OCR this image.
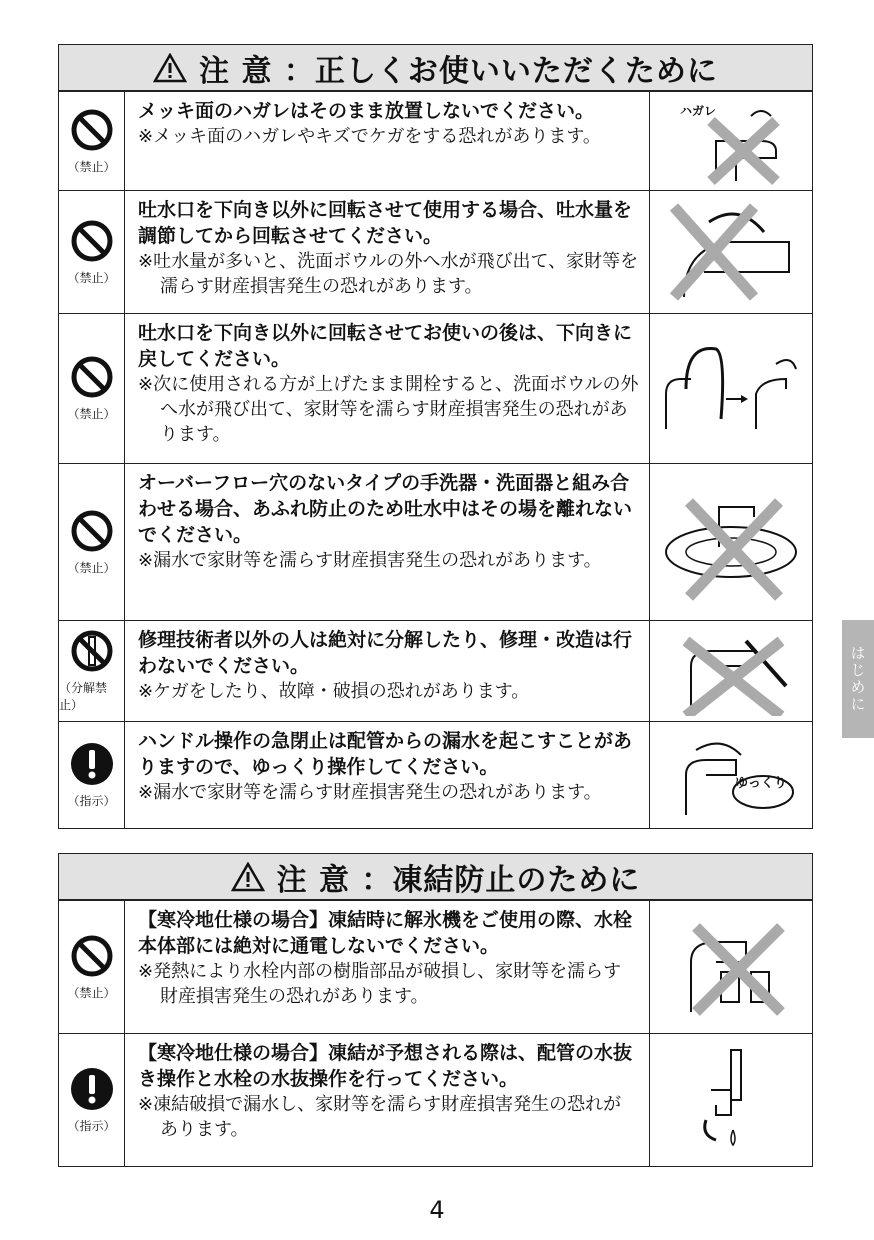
注 意 ：正しくお使いいただくために
（禁止）
メッキ面のハガレはそのまま放置しないでください。
※メッキ面のハガレやキズでケガをする恐れがあります。
ハガレ
（禁止）
吐水口を下向き以外に回転させて使用する場合、吐水量を調節してから回転させてください。
※吐水量が多いと、洗面ボウルの外へ水が飛び出て、家財等を濡らす財産損害発生の恐れがあります。
（禁止）
吐水口を下向き以外に回転させてお使いの後は、下向きに戻してください。
※次に使用される方が上げたまま開栓すると、洗面ボウルの外へ水が飛び出て、家財等を濡らす財産損害発生の恐れがあります。
（禁止）
オーバーフロー穴のないタイプの手洗器・洗面器と組み合わせる場合、あふれ防止のため吐水中はその場を離れないでください。
※漏水で家財等を濡らす財産損害発生の恐れがあります。
（分解禁止）
修理技術者以外の人は絶対に分解したり、修理・改造は行わないでください。
※ケガをしたり、故障・破損の恐れがあります。
（指示）
ハンドル操作の急閉止は配管からの漏水を起こすことがありますので、ゆっくり操作してください。
※漏水で家財等を濡らす財産損害発生の恐れがあります。	ゆっくり
注 意 ：凍結防止のために
（禁止）
【寒冷地仕様の場合】凍結時に解氷機をご使用の際、水栓本体部には絶対に通電しないでください。
※発熱により水栓内部の樹脂部品が破損し、家財等を濡らす財産損害発生の恐れがあります。
（指示）
【寒冷地仕様の場合】凍結が予想される際は、配管の水抜き操作と水栓の水抜操作を行ってください。
※凍結破損で漏水し、家財等を濡らす財産損害発生の恐れがあります。
はじめに
4
